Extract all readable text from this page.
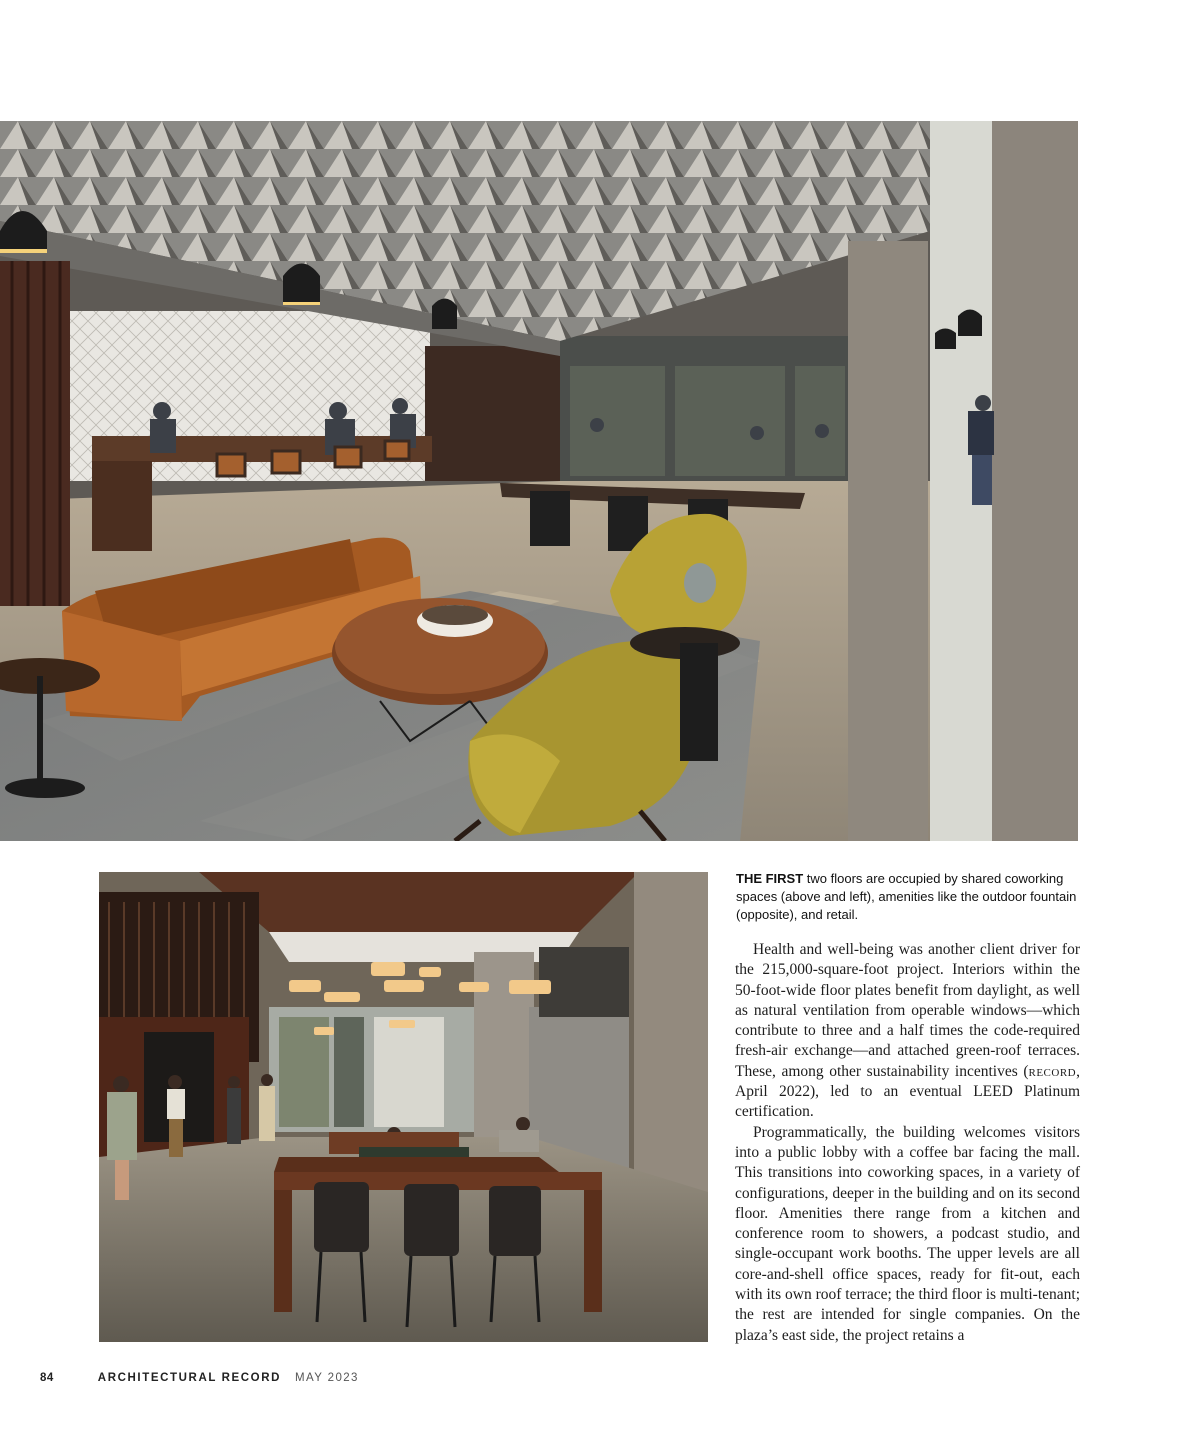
THE FIRST two floors are occupied by shared coworking spaces (above and left), amenities like the outdoor fountain (opposite), and retail.

Health and well-being was another client driver for the 215,000-square-foot project. Interiors within the 50-foot-wide floor plates benefit from daylight, as well as natural ventilation from operable windows—which contribute to three and a half times the code-required fresh-air exchange—and attached green-roof terraces. These, among other sustainability incentives (record, April 2022), led to an eventual LEED Platinum certification.

Programmatically, the building welcomes visitors into a public lobby with a coffee bar facing the mall. This transitions into coworking spaces, in a variety of configurations, deeper in the building and on its second floor. Amenities there range from a kitchen and conference room to showers, a podcast studio, and single-occupant work booths. The upper levels are all core-and-shell office spaces, ready for fit-out, each with its own roof terrace; the third floor is multi-tenant; the rest are intended for single companies. On the plaza’s east side, the project retains a

84	ARCHITECTURAL RECORD MAY 2023
